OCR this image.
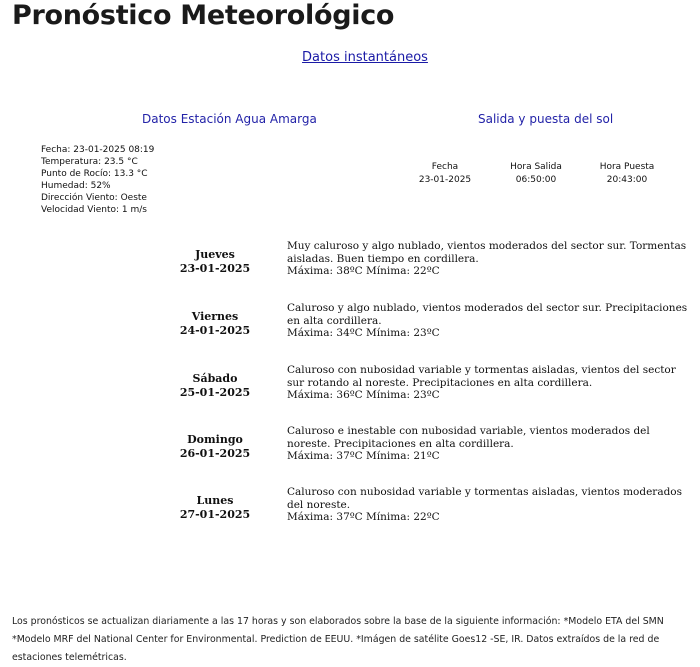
Pronóstico Meteorológico
Datos instantáneos
Datos Estación Agua Amarga	Salida y puesta del sol
Fecha: 23-01-2025 08:19
Temperatura: 23.5 °C
Punto de Rocío: 13.3 °C
Humedad: 52%
Dirección Viento: Oeste
Velocidad Viento: 1 m/s
Fecha
23-01-2025
Hora Salida
06:50:00
Hora Puesta
20:43:00
Jueves
23-01-2025
Muy caluroso y algo nublado, vientos moderados del sector sur. Tormentas aisladas. Buen tiempo en cordillera.
Máxima: 38ºC Mínima: 22ºC
Viernes
24-01-2025
Caluroso y algo nublado, vientos moderados del sector sur. Precipitaciones en alta cordillera.
Máxima: 34ºC Mínima: 23ºC
Sábado
25-01-2025
Caluroso con nubosidad variable y tormentas aisladas, vientos del sector sur rotando al noreste. Precipitaciones en alta cordillera.
Máxima: 36ºC Mínima: 23ºC
Domingo
26-01-2025
Caluroso e inestable con nubosidad variable, vientos moderados del noreste. Precipitaciones en alta cordillera.
Máxima: 37ºC Mínima: 21ºC
Lunes
27-01-2025
Caluroso con nubosidad variable y tormentas aisladas, vientos moderados del noreste.
Máxima: 37ºC Mínima: 22ºC
Los pronósticos se actualizan diariamente a las 17 horas y son elaborados sobre la base de la siguiente información: *Modelo ETA del SMN *Modelo MRF del National Center for Environmental. Prediction de EEUU. *Imágen de satélite Goes12 -SE, IR. Datos extraídos de la red de estaciones telemétricas.
